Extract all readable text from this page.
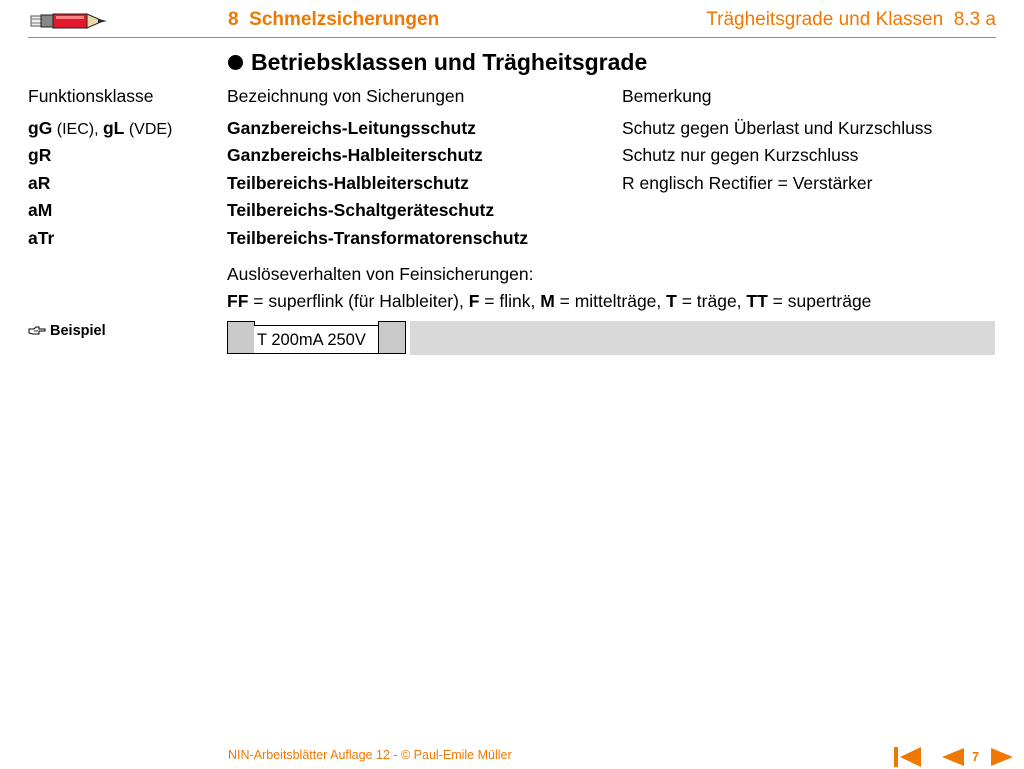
8 Schmelzsicherungen	Trägheitsgrade und Klassen 8.3 a
Betriebsklassen und Trägheitsgrade
Funktionsklasse	Bezeichnung von Sicherungen	Bemerkung
gG (IEC), gL (VDE)	Ganzbereichs-Leitungsschutz	Schutz gegen Überlast und Kurzschluss
gR	Ganzbereichs-Halbleiterschutz	Schutz nur gegen Kurzschluss
aR	Teilbereichs-Halbleiterschutz	R englisch Rectifier = Verstärker
aM	Teilbereichs-Schaltgeräteschutz
aTr	Teilbereichs-Transformatorenschutz
Auslöseverhalten von Feinsicherungen:
FF = superflink (für Halbleiter), F = flink, M = mittelträge, T = träge, TT = superträge
Beispiel	T 200mA 250V
NIN-Arbeitsblätter Auflage 12 - © Paul-Emile Müller	7
